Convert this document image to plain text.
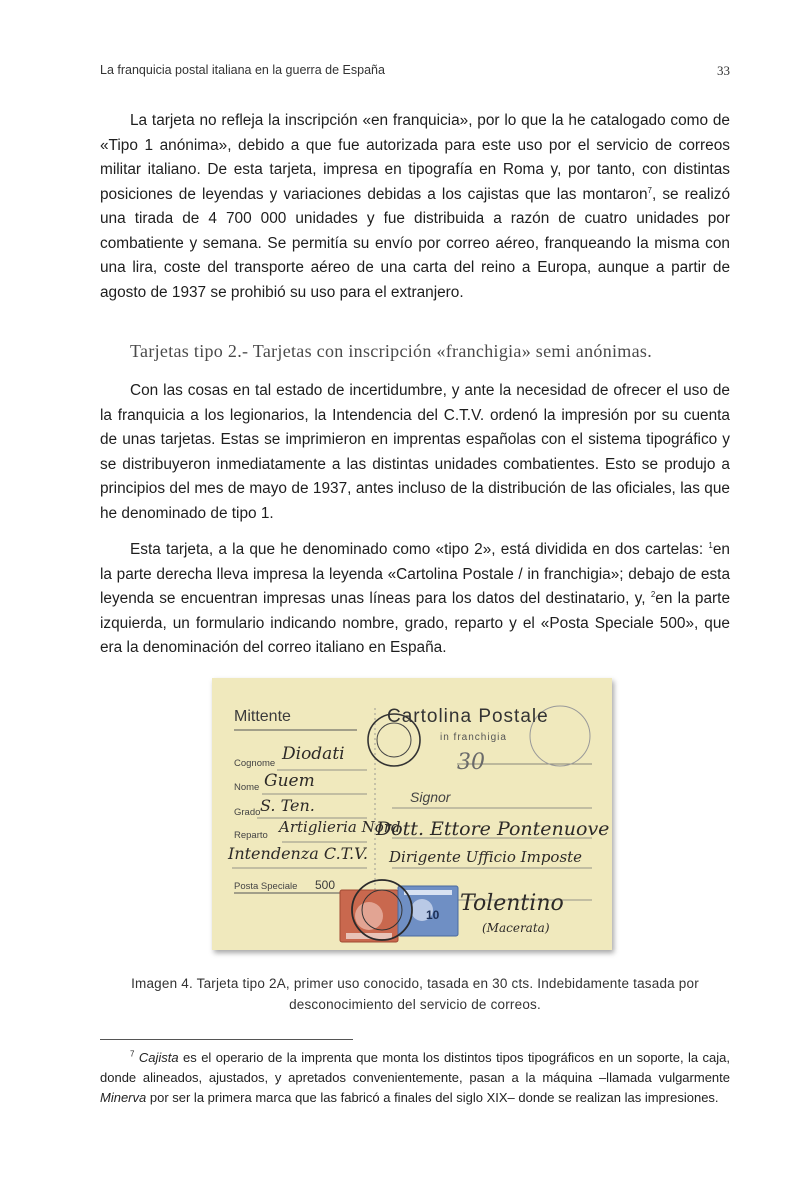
La franquicia postal italiana en la guerra de España	33

La tarjeta no refleja la inscripción «en franquicia», por lo que la he catalogado como de «Tipo 1 anónima», debido a que fue autorizada para este uso por el servicio de correos militar italiano. De esta tarjeta, impresa en tipografía en Roma y, por tanto, con distintas posiciones de leyendas y variaciones debidas a los cajistas que las montaron$^7$, se realizó una tirada de 4 700 000 unidades y fue distribuida a razón de cuatro unidades por combatiente y semana. Se permitía su envío por correo aéreo, franqueando la misma con una lira, coste del transporte aéreo de una carta del reino a Europa, aunque a partir de agosto de 1937 se prohibió su uso para el extranjero.

Tarjetas tipo 2.- Tarjetas con inscripción «franchigia» semi anónimas.

Con las cosas en tal estado de incertidumbre, y ante la necesidad de ofrecer el uso de la franquicia a los legionarios, la Intendencia del C.T.V. ordenó la impresión por su cuenta de unas tarjetas. Estas se imprimieron en imprentas españolas con el sistema tipográfico y se distribuyeron inmediatamente a las distintas unidades combatientes. Esto se produjo a principios del mes de mayo de 1937, antes incluso de la distribución de las oficiales, las que he denominado de tipo 1.

Esta tarjeta, a la que he denominado como «tipo 2», está dividida en dos cartelas: $^1$en la parte derecha lleva impresa la leyenda «Cartolina Postale / in franchigia»; debajo de esta leyenda se encuentran impresas unas líneas para los datos del destinatario, y, $^2$en la parte izquierda, un formulario indicando nombre, grado, reparto y el «Posta Speciale 500», que era la denominación del correo italiano en España.

Mittente	Cartolina Postale
in franchigia
Cognome
Nome
Grado
Reparto
Posta Speciale 500
Signor
Diodati
Guem
S. Ten.
Artiglieria Nord
Intendenza C.T.V.
Dott. Ettore Pontenuove
Dirigente Ufficio Imposte
Tolentino
(Macerata)
30
10

Imagen 4. Tarjeta tipo 2A, primer uso conocido, tasada en 30 cts. Indebidamente tasada por desconocimiento del servicio de correos.

$^7$ Cajista es el operario de la imprenta que monta los distintos tipos tipográficos en un soporte, la caja, donde alineados, ajustados, y apretados convenientemente, pasan a la máquina –llamada vulgarmente Minerva por ser la primera marca que las fabricó a finales del siglo XIX– donde se realizan las impresiones.
